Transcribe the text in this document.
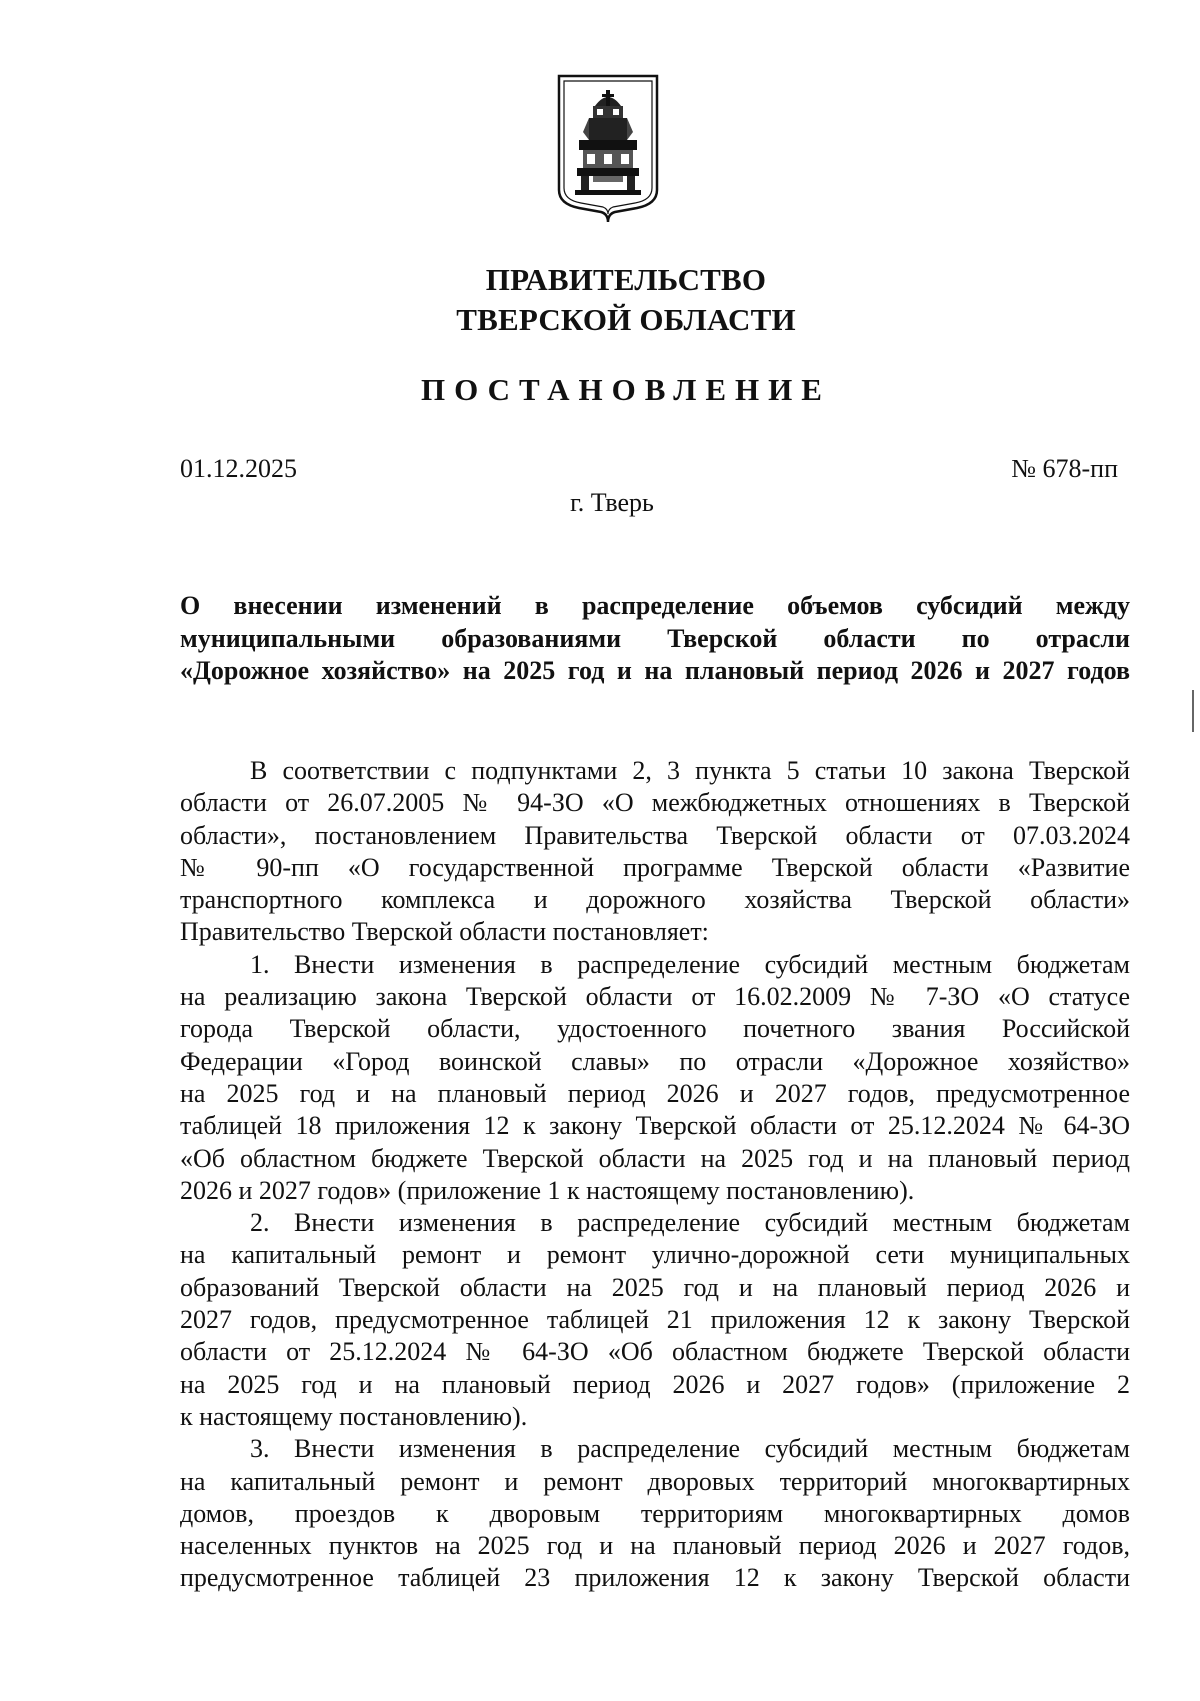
ПРАВИТЕЛЬСТВО
ТВЕРСКОЙ ОБЛАСТИ
ПОСТАНОВЛЕНИЕ
01.12.2025	№ 678-пп
г. Тверь
О внесении изменений в распределение объемов субсидий между
муниципальными образованиями Тверской области по отрасли
«Дорожное хозяйство» на 2025 год и на плановый период 2026 и 2027 годов
В соответствии с подпунктами 2, 3 пункта 5 статьи 10 закона Тверской
области от 26.07.2005 № 94-ЗО «О межбюджетных отношениях в Тверской
области», постановлением Правительства Тверской области от 07.03.2024
№ 90-пп «О государственной программе Тверской области «Развитие
транспортного комплекса и дорожного хозяйства Тверской области»
Правительство Тверской области постановляет:
1. Внести изменения в распределение субсидий местным бюджетам
на реализацию закона Тверской области от 16.02.2009 № 7-ЗО «О статусе
города Тверской области, удостоенного почетного звания Российской
Федерации «Город воинской славы» по отрасли «Дорожное хозяйство»
на 2025 год и на плановый период 2026 и 2027 годов, предусмотренное
таблицей 18 приложения 12 к закону Тверской области от 25.12.2024 № 64-ЗО
«Об областном бюджете Тверской области на 2025 год и на плановый период
2026 и 2027 годов» (приложение 1 к настоящему постановлению).
2. Внести изменения в распределение субсидий местным бюджетам
на капитальный ремонт и ремонт улично-дорожной сети муниципальных
образований Тверской области на 2025 год и на плановый период 2026 и
2027 годов, предусмотренное таблицей 21 приложения 12 к закону Тверской
области от 25.12.2024 № 64-ЗО «Об областном бюджете Тверской области
на 2025 год и на плановый период 2026 и 2027 годов» (приложение 2
к настоящему постановлению).
3. Внести изменения в распределение субсидий местным бюджетам
на капитальный ремонт и ремонт дворовых территорий многоквартирных
домов, проездов к дворовым территориям многоквартирных домов
населенных пунктов на 2025 год и на плановый период 2026 и 2027 годов,
предусмотренное таблицей 23 приложения 12 к закону Тверской области
